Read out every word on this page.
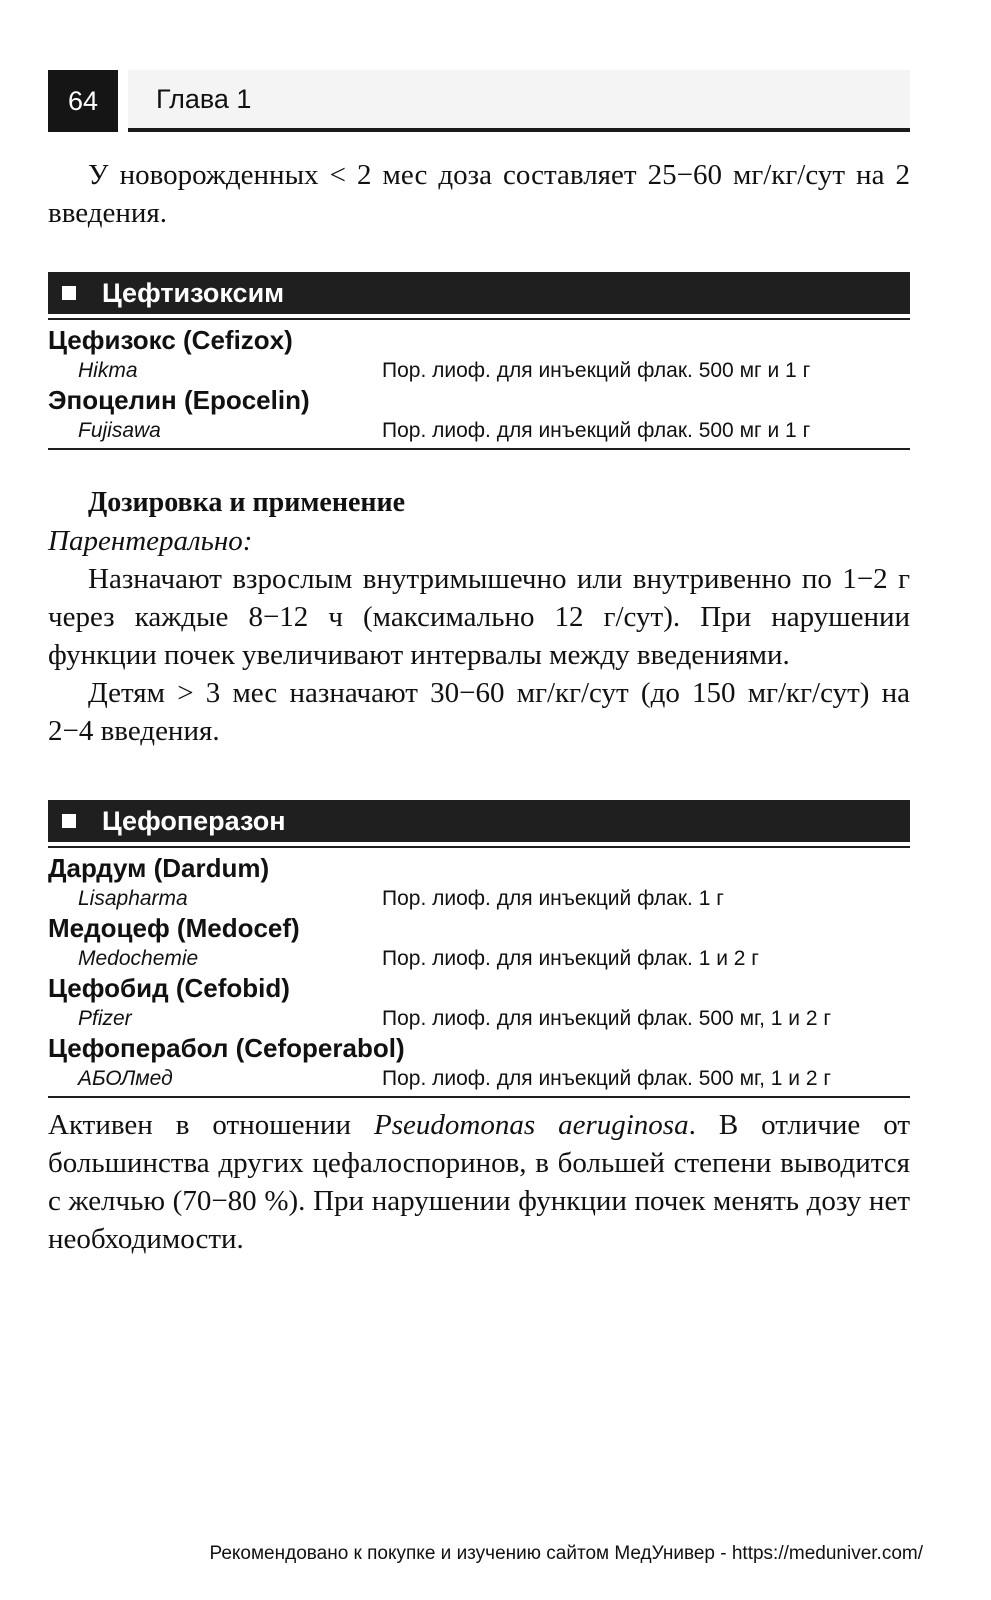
64	Глава 1

У новорожденных < 2 мес доза составляет 25−60 мг/кг/сут на 2 введения.

Цефтизоксим
Цефизокс (Cefizox)
Hikma	Пор. лиоф. для инъекций флак. 500 мг и 1 г
Эпоцелин (Epocelin)
Fujisawa	Пор. лиоф. для инъекций флак. 500 мг и 1 г

Дозировка и применение

Парентерально:

Назначают взрослым внутримышечно или внутривенно по 1−2 г через каждые 8−12 ч (максимально 12 г/сут). При нарушении функции почек увеличивают интервалы между введениями.

Детям > 3 мес назначают 30−60 мг/кг/сут (до 150 мг/кг/сут) на 2−4 введения.

Цефоперазон
Дардум (Dardum)
Lisapharma	Пор. лиоф. для инъекций флак. 1 г
Медоцеф (Medocef)
Medochemie	Пор. лиоф. для инъекций флак. 1 и 2 г
Цефобид (Cefobid)
Pfizer	Пор. лиоф. для инъекций флак. 500 мг, 1 и 2 г
Цефоперабол (Cefoperabol)
АБОЛмед	Пор. лиоф. для инъекций флак. 500 мг, 1 и 2 г

Активен в отношении Pseudomonas aeruginosa. В отличие от большинства других цефалоспоринов, в большей степени выводится с желчью (70−80 %). При нарушении функции почек менять дозу нет необходимости.

Рекомендовано к покупке и изучению сайтом МедУнивер - https://meduniver.com/
